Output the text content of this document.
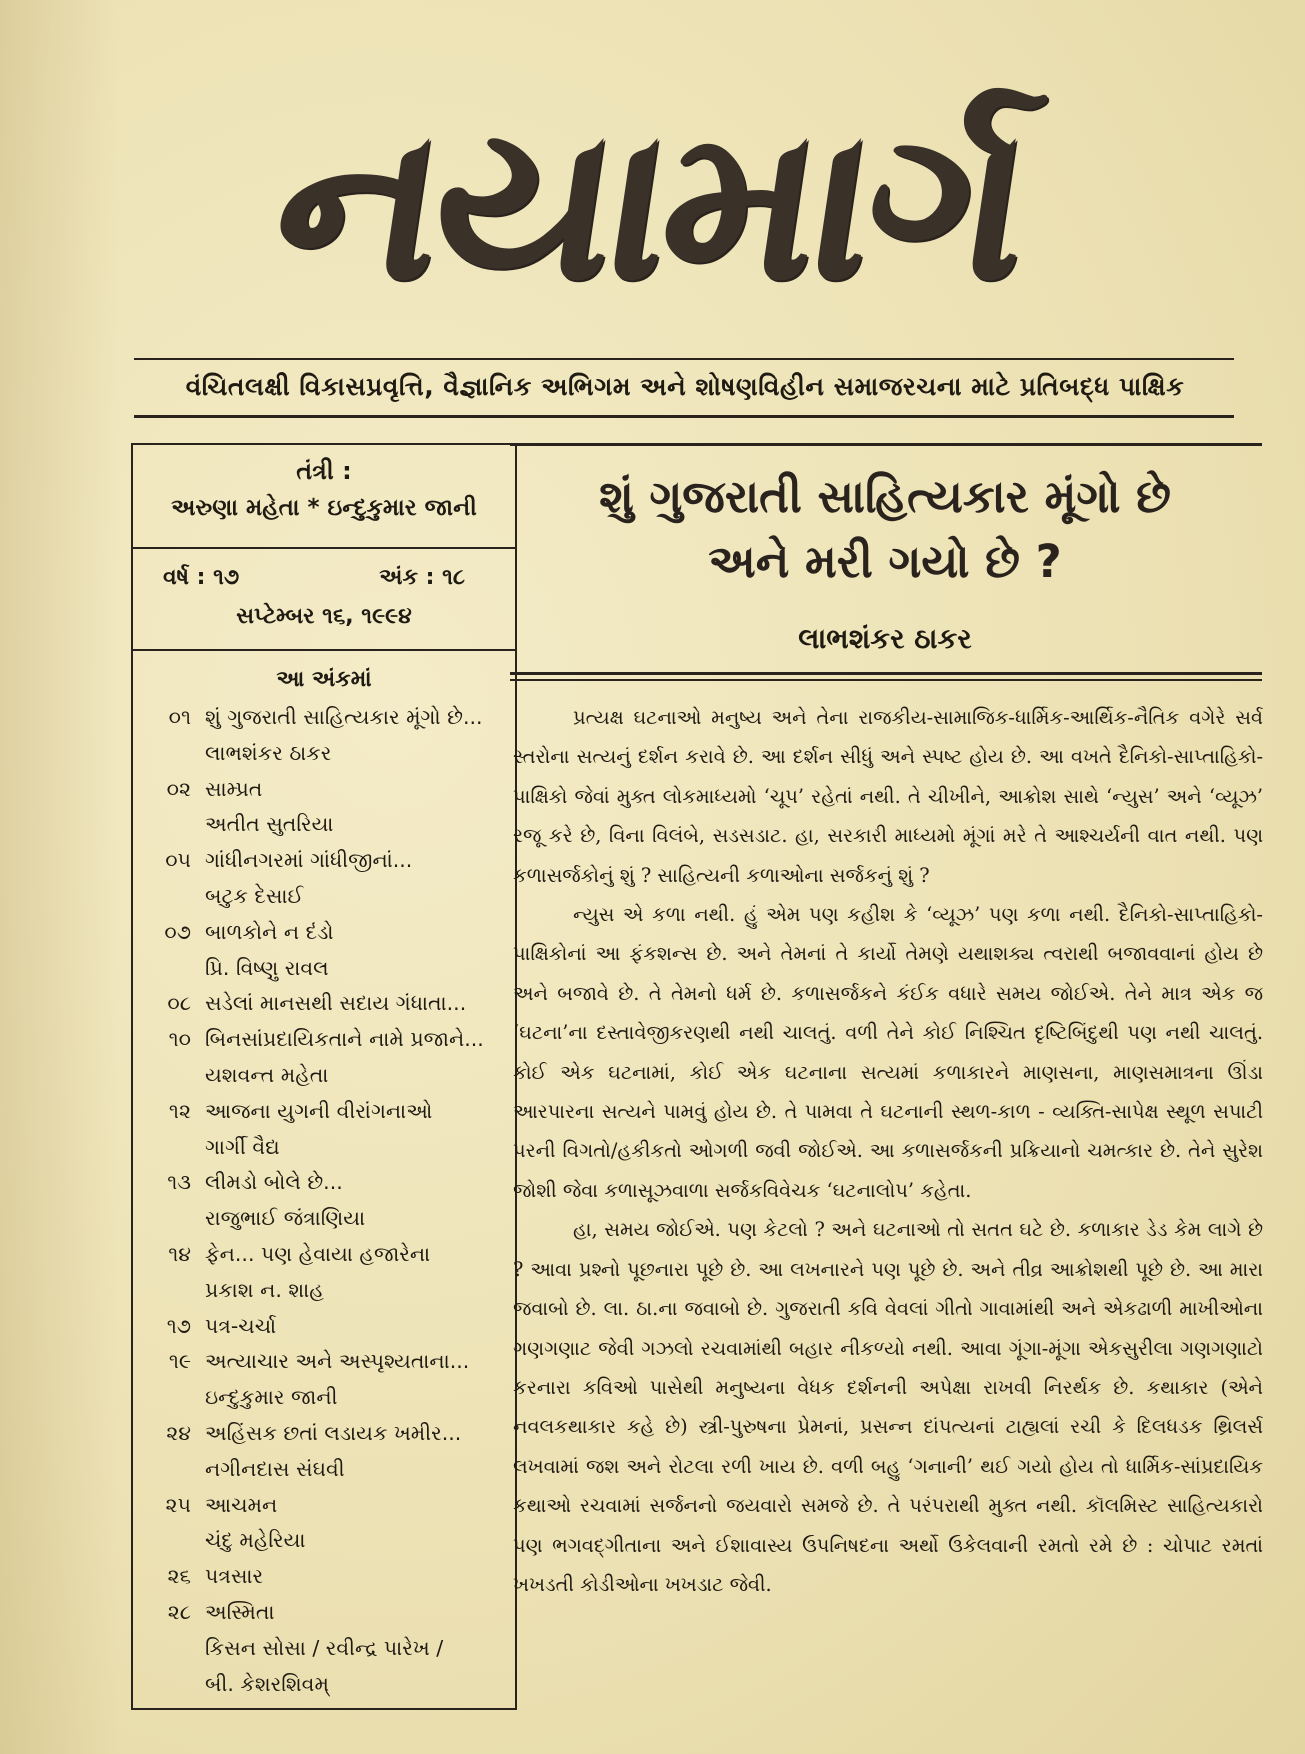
નયામાર્ગ
વંચિતલક્ષી વિકાસપ્રવૃત્તિ, વૈજ્ઞાનિક અભિગમ અને શોષણવિહીન સમાજરચના માટે પ્રતિબદ્ધ પાક્ષિક
તંત્રી :
અરુણા મહેતા * ઇન્દુકુમાર જાની
વર્ષ : ૧૭	અંક : ૧૮
સપ્ટેમ્બર ૧૬, ૧૯૯૪
આ અંકમાં
૦૧ શું ગુજરાતી સાહિત્યકાર મૂંગો છે...
લાભશંકર ઠાકર
૦૨ સામ્પ્રત
અતીત સુતરિયા
૦૫ ગાંધીનગરમાં ગાંધીજીનાં...
બટુક દેસાઈ
૦૭ બાળકોને ન દંડો
પ્રિ. વિષ્ણુ રાવલ
૦૮ સડેલાં માનસથી સદાય ગંધાતા...
૧૦ બિનસાંપ્રદાયિકતાને નામે પ્રજાને...
યશવન્ત મહેતા
૧૨ આજના યુગની વીરાંગનાઓ
ગાર્ગી વૈદ્ય
૧૩ લીમડો બોલે છે...
રાજુભાઈ જંત્રાણિયા
૧૪ ફેન... પણ હેવાયા હજારેના
પ્રકાશ ન. શાહ
૧૭ પત્ર-ચર્ચા
૧૯ અત્યાચાર અને અસ્પૃશ્યતાના...
ઇન્દુકુમાર જાની
૨૪ અહિંસક છતાં લડાયક ખમીર...
નગીનદાસ સંઘવી
૨૫ આચમન
ચંદુ મહેરિયા
૨૬ પત્રસાર
૨૮ અસ્મિતા
કિસન સોસા / રવીન્દ્ર પારેખ /
બી. કેશરશિવમ્
શું ગુજરાતી સાહિત્યકાર મૂંગો છે
અને મરી ગયો છે ?
લાભશંકર ઠાકર

પ્રત્યક્ષ ઘટનાઓ મનુષ્ય અને તેના રાજકીય-સામાજિક-ધાર્મિક-આર્થિક-નૈતિક વગેરે સર્વ સ્તરોના સત્યનું દર્શન કરાવે છે. આ દર્શન સીધું અને સ્પષ્ટ હોય છે. આ વખતે દૈનિકો-સાપ્તાહિકો-પાક્ષિકો જેવાં મુક્ત લોકમાધ્યમો ‘ચૂપ’ રહેતાં નથી. તે ચીખીને, આક્રોશ સાથે ‘ન્યુસ’ અને ‘વ્યૂઝ’ રજૂ કરે છે, વિના વિલંબે, સડસડાટ. હા, સરકારી માધ્યમો મૂંગાં મરે તે આશ્ચર્યની વાત નથી. પણ કળાસર્જકોનું શું ? સાહિત્યની કળાઓના સર્જકનું શું ?

ન્યુસ એ કળા નથી. હું એમ પણ કહીશ કે ‘વ્યૂઝ’ પણ કળા નથી. દૈનિકો-સાપ્તાહિકો-પાક્ષિકોનાં આ ફંકશન્સ છે. અને તેમનાં તે કાર્યો તેમણે યથાશક્ય ત્વરાથી બજાવવાનાં હોય છે અને બજાવે છે. તે તેમનો ધર્મ છે. કળાસર્જકને કંઈક વધારે સમય જોઈએ. તેને માત્ર એક જ ‘ઘટના’ના દસ્તાવેજીકરણથી નથી ચાલતું. વળી તેને કોઈ નિશ્ચિત દૃષ્ટિબિંદુથી પણ નથી ચાલતું. કોઈ એક ઘટનામાં, કોઈ એક ઘટનાના સત્યમાં કળાકારને માણસના, માણસમાત્રના ઊંડા આરપારના સત્યને પામવું હોય છે. તે પામવા તે ઘટનાની સ્થળ-કાળ - વ્યક્તિ-સાપેક્ષ સ્થૂળ સપાટી પરની વિગતો/હકીકતો ઓગળી જવી જોઈએ. આ કળાસર્જકની પ્રક્રિયાનો ચમત્કાર છે. તેને સુરેશ જોશી જેવા કળાસૂઝવાળા સર્જકવિવેચક ‘ઘટનાલોપ’ કહેતા.

હા, સમય જોઈએ. પણ કેટલો ? અને ઘટનાઓ તો સતત ઘટે છે. કળાકાર ડેડ કેમ લાગે છે ? આવા પ્રશ્નો પૂછનારા પૂછે છે. આ લખનારને પણ પૂછે છે. અને તીવ્ર આક્રોશથી પૂછે છે. આ મારા જવાબો છે. લા. ઠા.ના જવાબો છે. ગુજરાતી કવિ વેવલાં ગીતો ગાવામાંથી અને એકઢાળી માખીઓના ગણગણાટ જેવી ગઝલો રચવામાંથી બહાર નીકળ્યો નથી. આવા ગૂંગા-મૂંગા એકસુરીલા ગણગણાટો કરનારા કવિઓ પાસેથી મનુષ્યના વેધક દર્શનની અપેક્ષા રાખવી નિરર્થક છે. કથાકાર (એને નવલકથાકાર કહે છે) સ્ત્રી-પુરુષના પ્રેમનાં, પ્રસન્ન દાંપત્યનાં ટાહ્યલાં રચી કે દિલધડક થ્રિલર્સ લખવામાં જશ અને રોટલા રળી ખાય છે. વળી બહુ ‘ગનાની’ થઈ ગયો હોય તો ધાર્મિક-સાંપ્રદાયિક કથાઓ રચવામાં સર્જનનો જયવારો સમજે છે. તે પરંપરાથી મુક્ત નથી. કૉલમિસ્ટ સાહિત્યકારો પણ ભગવદ્ગીતાના અને ઈશાવાસ્ય ઉપનિષદના અર્થો ઉકેલવાની રમતો રમે છે : ચોપાટ રમતાં ખખડતી કોડીઓના ખખડાટ જેવી.
